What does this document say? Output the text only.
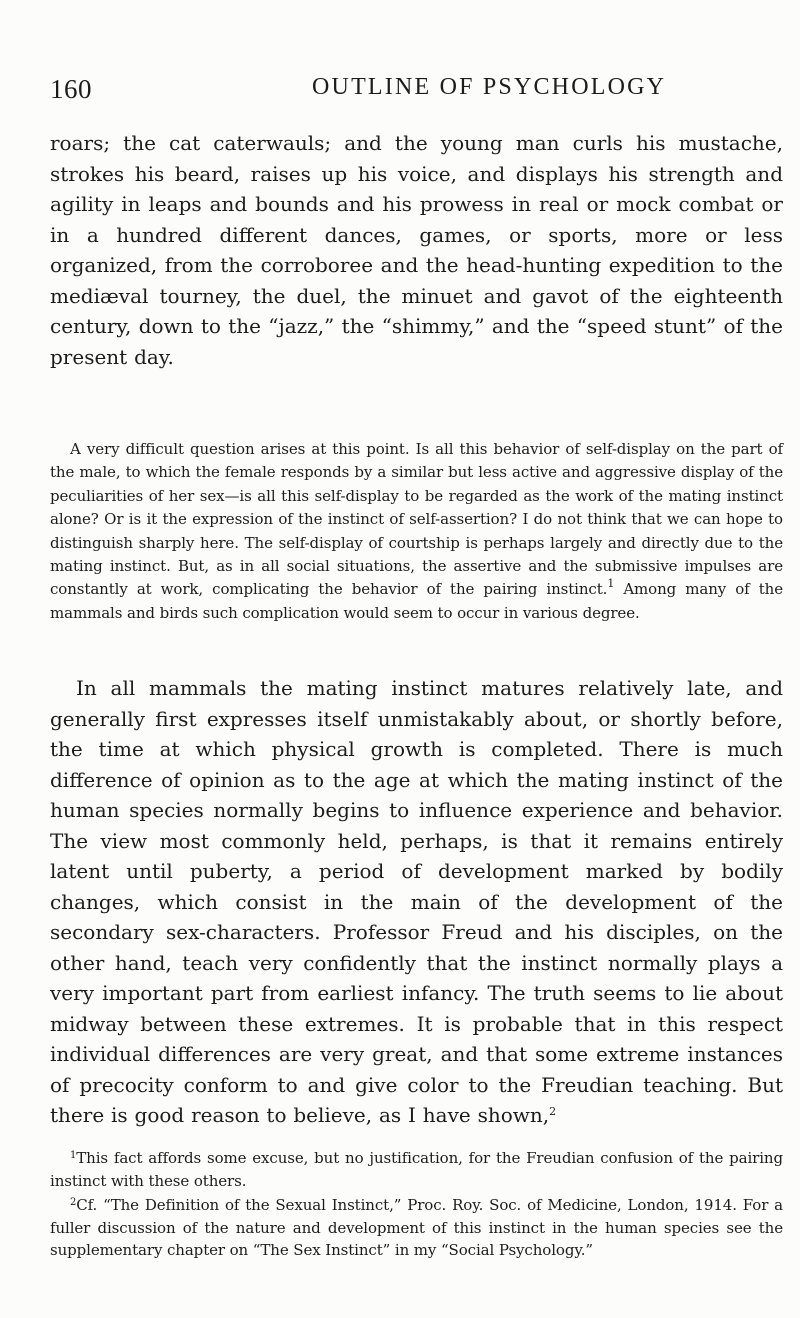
160	OUTLINE OF PSYCHOLOGY

roars; the cat caterwauls; and the young man curls his mustache, strokes his beard, raises up his voice, and displays his strength and agility in leaps and bounds and his prowess in real or mock combat or in a hundred different dances, games, or sports, more or less organized, from the corroboree and the head-hunting expedition to the mediæval tourney, the duel, the minuet and gavot of the eighteenth century, down to the “jazz,” the “shimmy,” and the “speed stunt” of the present day.

A very difficult question arises at this point. Is all this behavior of self-display on the part of the male, to which the female responds by a similar but less active and aggressive display of the peculiarities of her sex—is all this self-display to be regarded as the work of the mating instinct alone? Or is it the expression of the instinct of self-assertion? I do not think that we can hope to distinguish sharply here. The self-display of courtship is perhaps largely and directly due to the mating instinct. But, as in all social situations, the assertive and the submissive impulses are constantly at work, complicating the behavior of the pairing instinct.$^1$ Among many of the mammals and birds such complication would seem to occur in various degree.

In all mammals the mating instinct matures relatively late, and generally first expresses itself unmistakably about, or shortly before, the time at which physical growth is completed. There is much difference of opinion as to the age at which the mating instinct of the human species normally begins to influence experience and behavior. The view most commonly held, perhaps, is that it remains entirely latent until puberty, a period of development marked by bodily changes, which consist in the main of the development of the secondary sex-characters. Professor Freud and his disciples, on the other hand, teach very confidently that the instinct normally plays a very important part from earliest infancy. The truth seems to lie about midway between these extremes. It is probable that in this respect individual differences are very great, and that some extreme instances of precocity conform to and give color to the Freudian teaching. But there is good reason to believe, as I have shown,$^2$

$^1$This fact affords some excuse, but no justification, for the Freudian confusion of the pairing instinct with these others.

$^2$Cf. “The Definition of the Sexual Instinct,” Proc. Roy. Soc. of Medicine, London, 1914. For a fuller discussion of the nature and development of this instinct in the human species see the supplementary chapter on “The Sex Instinct” in my “Social Psychology.”
